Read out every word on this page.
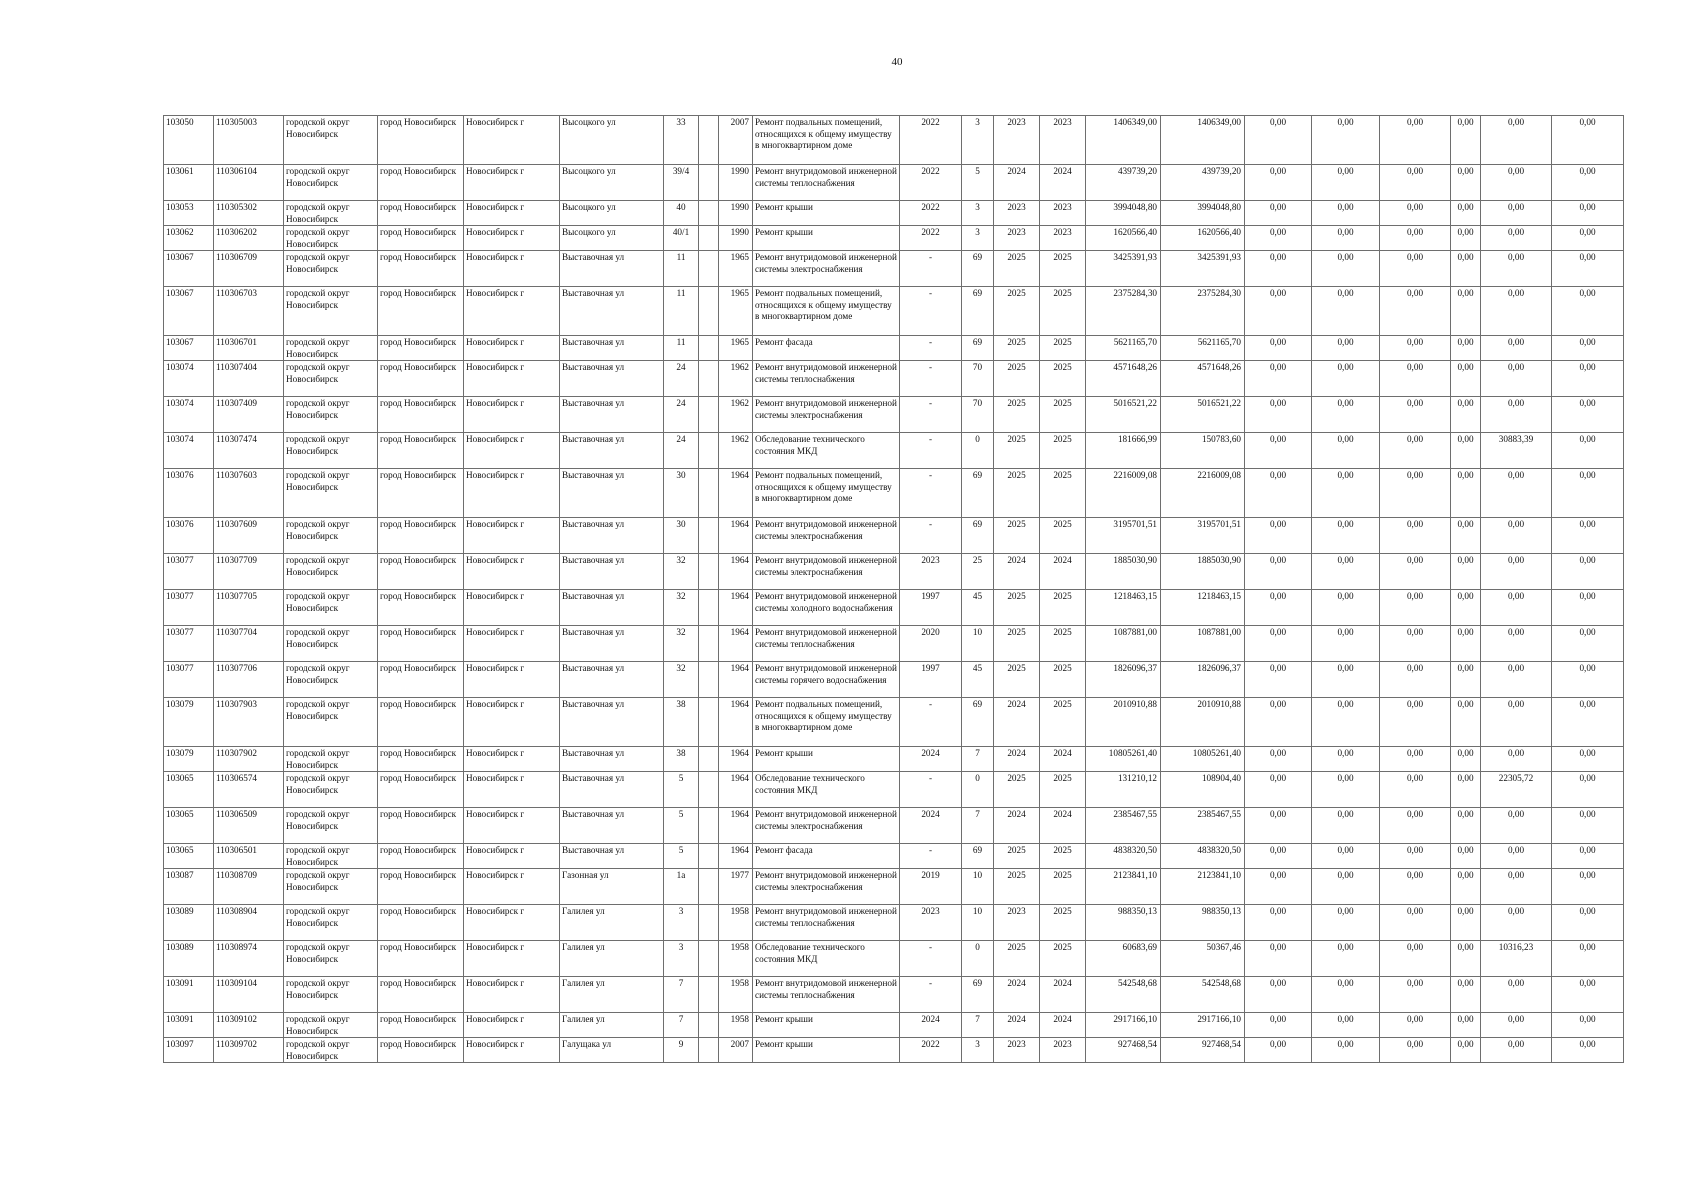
40
103050	110305003	городской округ Новосибирск	город Новосибирск	Новосибирск г	Высоцкого ул	33		2007	Ремонт подвальных помещений, относящихся к общему имуществу в многоквартирном доме	2022	3	2023	2023	1406349,00	1406349,00	0,00	0,00	0,00	0,00	0,00	0,00
103061	110306104	городской округ Новосибирск	город Новосибирск	Новосибирск г	Высоцкого ул	39/4		1990	Ремонт внутридомовой инженерной системы теплоснабжения	2022	5	2024	2024	439739,20	439739,20	0,00	0,00	0,00	0,00	0,00	0,00
103053	110305302	городской округ Новосибирск	город Новосибирск	Новосибирск г	Высоцкого ул	40		1990	Ремонт крыши	2022	3	2023	2023	3994048,80	3994048,80	0,00	0,00	0,00	0,00	0,00	0,00
103062	110306202	городской округ Новосибирск	город Новосибирск	Новосибирск г	Высоцкого ул	40/1		1990	Ремонт крыши	2022	3	2023	2023	1620566,40	1620566,40	0,00	0,00	0,00	0,00	0,00	0,00
103067	110306709	городской округ Новосибирск	город Новосибирск	Новосибирск г	Выставочная ул	11		1965	Ремонт внутридомовой инженерной системы электроснабжения	-	69	2025	2025	3425391,93	3425391,93	0,00	0,00	0,00	0,00	0,00	0,00
103067	110306703	городской округ Новосибирск	город Новосибирск	Новосибирск г	Выставочная ул	11		1965	Ремонт подвальных помещений, относящихся к общему имуществу в многоквартирном доме	-	69	2025	2025	2375284,30	2375284,30	0,00	0,00	0,00	0,00	0,00	0,00
103067	110306701	городской округ Новосибирск	город Новосибирск	Новосибирск г	Выставочная ул	11		1965	Ремонт фасада	-	69	2025	2025	5621165,70	5621165,70	0,00	0,00	0,00	0,00	0,00	0,00
103074	110307404	городской округ Новосибирск	город Новосибирск	Новосибирск г	Выставочная ул	24		1962	Ремонт внутридомовой инженерной системы теплоснабжения	-	70	2025	2025	4571648,26	4571648,26	0,00	0,00	0,00	0,00	0,00	0,00
103074	110307409	городской округ Новосибирск	город Новосибирск	Новосибирск г	Выставочная ул	24		1962	Ремонт внутридомовой инженерной системы электроснабжения	-	70	2025	2025	5016521,22	5016521,22	0,00	0,00	0,00	0,00	0,00	0,00
103074	110307474	городской округ Новосибирск	город Новосибирск	Новосибирск г	Выставочная ул	24		1962	Обследование технического состояния МКД	-	0	2025	2025	181666,99	150783,60	0,00	0,00	0,00	0,00	30883,39	0,00
103076	110307603	городской округ Новосибирск	город Новосибирск	Новосибирск г	Выставочная ул	30		1964	Ремонт подвальных помещений, относящихся к общему имуществу в многоквартирном доме	-	69	2025	2025	2216009,08	2216009,08	0,00	0,00	0,00	0,00	0,00	0,00
103076	110307609	городской округ Новосибирск	город Новосибирск	Новосибирск г	Выставочная ул	30		1964	Ремонт внутридомовой инженерной системы электроснабжения	-	69	2025	2025	3195701,51	3195701,51	0,00	0,00	0,00	0,00	0,00	0,00
103077	110307709	городской округ Новосибирск	город Новосибирск	Новосибирск г	Выставочная ул	32		1964	Ремонт внутридомовой инженерной системы электроснабжения	2023	25	2024	2024	1885030,90	1885030,90	0,00	0,00	0,00	0,00	0,00	0,00
103077	110307705	городской округ Новосибирск	город Новосибирск	Новосибирск г	Выставочная ул	32		1964	Ремонт внутридомовой инженерной системы холодного водоснабжения	1997	45	2025	2025	1218463,15	1218463,15	0,00	0,00	0,00	0,00	0,00	0,00
103077	110307704	городской округ Новосибирск	город Новосибирск	Новосибирск г	Выставочная ул	32		1964	Ремонт внутридомовой инженерной системы теплоснабжения	2020	10	2025	2025	1087881,00	1087881,00	0,00	0,00	0,00	0,00	0,00	0,00
103077	110307706	городской округ Новосибирск	город Новосибирск	Новосибирск г	Выставочная ул	32		1964	Ремонт внутридомовой инженерной системы горячего водоснабжения	1997	45	2025	2025	1826096,37	1826096,37	0,00	0,00	0,00	0,00	0,00	0,00
103079	110307903	городской округ Новосибирск	город Новосибирск	Новосибирск г	Выставочная ул	38		1964	Ремонт подвальных помещений, относящихся к общему имуществу в многоквартирном доме	-	69	2024	2025	2010910,88	2010910,88	0,00	0,00	0,00	0,00	0,00	0,00
103079	110307902	городской округ Новосибирск	город Новосибирск	Новосибирск г	Выставочная ул	38		1964	Ремонт крыши	2024	7	2024	2024	10805261,40	10805261,40	0,00	0,00	0,00	0,00	0,00	0,00
103065	110306574	городской округ Новосибирск	город Новосибирск	Новосибирск г	Выставочная ул	5		1964	Обследование технического состояния МКД	-	0	2025	2025	131210,12	108904,40	0,00	0,00	0,00	0,00	22305,72	0,00
103065	110306509	городской округ Новосибирск	город Новосибирск	Новосибирск г	Выставочная ул	5		1964	Ремонт внутридомовой инженерной системы электроснабжения	2024	7	2024	2024	2385467,55	2385467,55	0,00	0,00	0,00	0,00	0,00	0,00
103065	110306501	городской округ Новосибирск	город Новосибирск	Новосибирск г	Выставочная ул	5		1964	Ремонт фасада	-	69	2025	2025	4838320,50	4838320,50	0,00	0,00	0,00	0,00	0,00	0,00
103087	110308709	городской округ Новосибирск	город Новосибирск	Новосибирск г	Газонная ул	1а		1977	Ремонт внутридомовой инженерной системы электроснабжения	2019	10	2025	2025	2123841,10	2123841,10	0,00	0,00	0,00	0,00	0,00	0,00
103089	110308904	городской округ Новосибирск	город Новосибирск	Новосибирск г	Галилея ул	3		1958	Ремонт внутридомовой инженерной системы теплоснабжения	2023	10	2023	2025	988350,13	988350,13	0,00	0,00	0,00	0,00	0,00	0,00
103089	110308974	городской округ Новосибирск	город Новосибирск	Новосибирск г	Галилея ул	3		1958	Обследование технического состояния МКД	-	0	2025	2025	60683,69	50367,46	0,00	0,00	0,00	0,00	10316,23	0,00
103091	110309104	городской округ Новосибирск	город Новосибирск	Новосибирск г	Галилея ул	7		1958	Ремонт внутридомовой инженерной системы теплоснабжения	-	69	2024	2024	542548,68	542548,68	0,00	0,00	0,00	0,00	0,00	0,00
103091	110309102	городской округ Новосибирск	город Новосибирск	Новосибирск г	Галилея ул	7		1958	Ремонт крыши	2024	7	2024	2024	2917166,10	2917166,10	0,00	0,00	0,00	0,00	0,00	0,00
103097	110309702	городской округ Новосибирск	город Новосибирск	Новосибирск г	Галущака ул	9		2007	Ремонт крыши	2022	3	2023	2023	927468,54	927468,54	0,00	0,00	0,00	0,00	0,00	0,00
